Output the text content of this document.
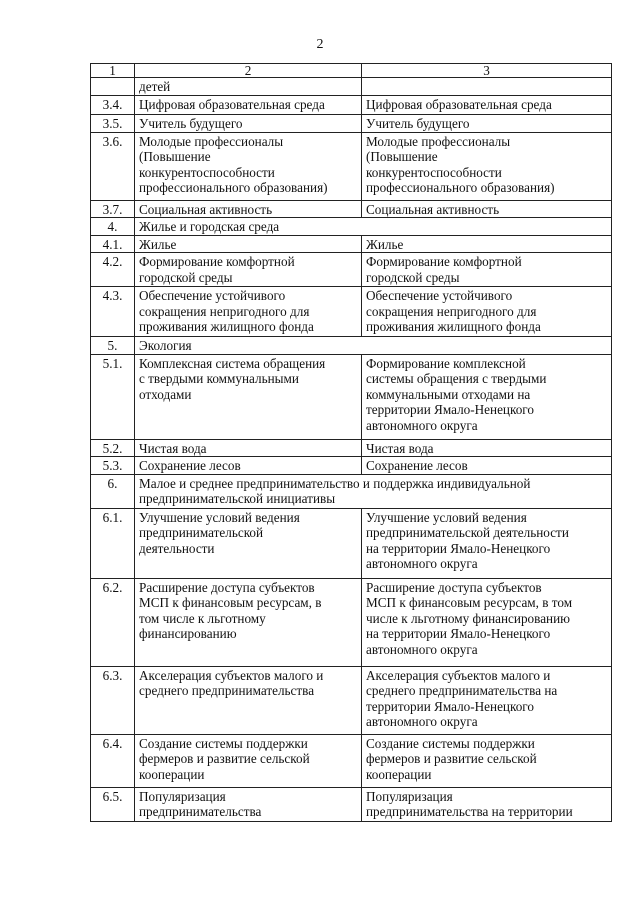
2
1	2	3
	детей	
3.4.	Цифровая образовательная среда	Цифровая образовательная среда
3.5.	Учитель будущего	Учитель будущего
3.6.	Молодые профессионалы
(Повышение
конкурентоспособности
профессионального образования)	Молодые профессионалы
(Повышение
конкурентоспособности
профессионального образования)
3.7.	Социальная активность	Социальная активность
4.	Жилье и городская среда	
4.1.	Жилье	Жилье
4.2.	Формирование комфортной
городской среды	Формирование комфортной
городской среды
4.3.	Обеспечение устойчивого
сокращения непригодного для
проживания жилищного фонда	Обеспечение устойчивого
сокращения непригодного для
проживания жилищного фонда
5.	Экология	
5.1.	Комплексная система обращения
с твердыми коммунальными
отходами	Формирование комплексной
системы обращения с твердыми
коммунальными отходами на
территории Ямало-Ненецкого
автономного округа
5.2.	Чистая вода	Чистая вода
5.3.	Сохранение лесов	Сохранение лесов
6.	Малое и среднее предпринимательство и поддержка индивидуальной
предпринимательской инициативы	
6.1.	Улучшение условий ведения
предпринимательской
деятельности	Улучшение условий ведения
предпринимательской деятельности
на территории Ямало-Ненецкого
автономного округа
6.2.	Расширение доступа субъектов
МСП к финансовым ресурсам, в
том числе к льготному
финансированию	Расширение доступа субъектов
МСП к финансовым ресурсам, в том
числе к льготному финансированию
на территории Ямало-Ненецкого
автономного округа
6.3.	Акселерация субъектов малого и
среднего предпринимательства	Акселерация субъектов малого и
среднего предпринимательства на
территории Ямало-Ненецкого
автономного округа
6.4.	Создание системы поддержки
фермеров и развитие сельской
кооперации	Создание системы поддержки
фермеров и развитие сельской
кооперации
6.5.	Популяризация
предпринимательства	Популяризация
предпринимательства на территории
